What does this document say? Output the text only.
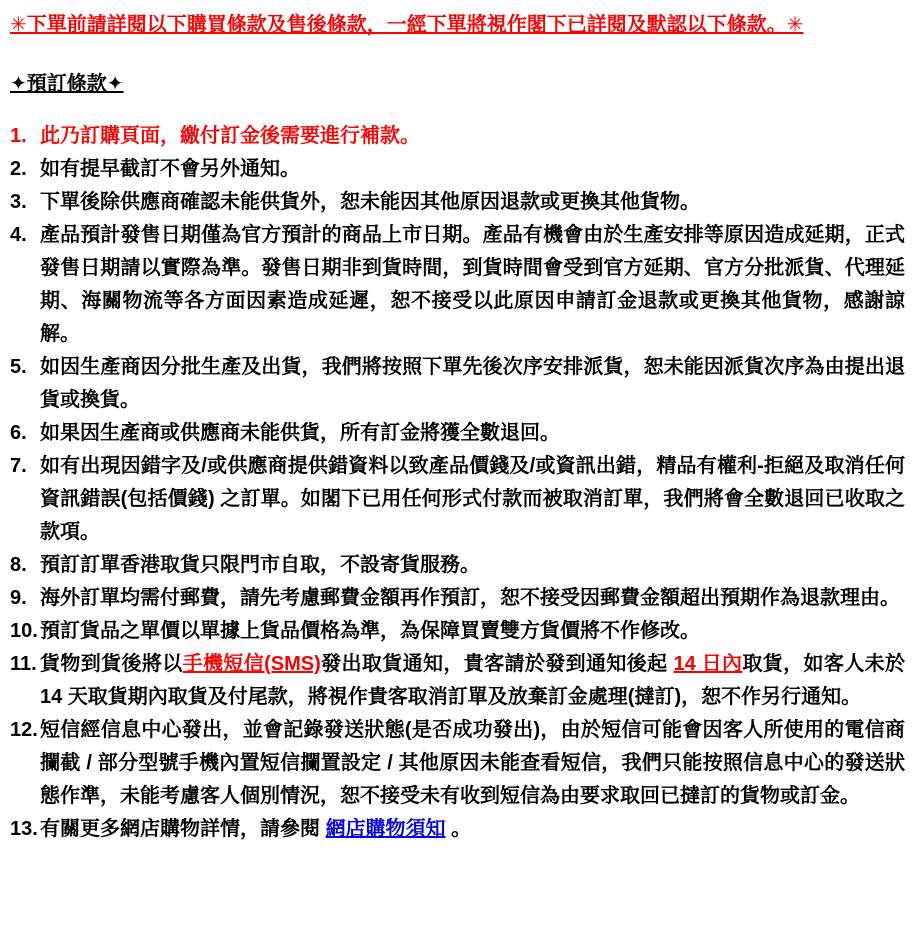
✳下單前請詳閱以下購買條款及售後條款，一經下單將視作閣下已詳閱及默認以下條款。✳
✦預訂條款✦
1. 此乃訂購頁面，繳付訂金後需要進行補款。
2. 如有提早截訂不會另外通知。
3. 下單後除供應商確認未能供貨外，恕未能因其他原因退款或更換其他貨物。
4. 產品預計發售日期僅為官方預計的商品上市日期。產品有機會由於生產安排等原因造成延期，正式發售日期請以實際為準。發售日期非到貨時間，到貨時間會受到官方延期、官方分批派貨、代理延期、海關物流等各方面因素造成延遲，恕不接受以此原因申請訂金退款或更換其他貨物，感謝諒解。
5. 如因生產商因分批生產及出貨，我們將按照下單先後次序安排派貨，恕未能因派貨次序為由提出退貨或換貨。
6. 如果因生產商或供應商未能供貨，所有訂金將獲全數退回。
7. 如有出現因錯字及/或供應商提供錯資料以致產品價錢及/或資訊出錯，精品有權利-拒絕及取消任何資訊錯誤(包括價錢) 之訂單。如閣下已用任何形式付款而被取消訂單，我們將會全數退回已收取之款項。
8. 預訂訂單香港取貨只限門市自取，不設寄貨服務。
9. 海外訂單均需付郵費，請先考慮郵費金額再作預訂，恕不接受因郵費金額超出預期作為退款理由。
10. 預訂貨品之單價以單據上貨品價格為準，為保障買賣雙方貨價將不作修改。
11. 貨物到貨後將以手機短信(SMS)發出取貨通知，貴客請於發到通知後起 14 日內取貨，如客人未於14 天取貨期內取貨及付尾款，將視作貴客取消訂單及放棄訂金處理(撻訂)，恕不作另行通知。
12. 短信經信息中心發出，並會記錄發送狀態(是否成功發出)，由於短信可能會因客人所使用的電信商攔截 / 部分型號手機內置短信攔置設定 / 其他原因未能查看短信，我們只能按照信息中心的發送狀態作準，未能考慮客人個別情況，恕不接受未有收到短信為由要求取回已撻訂的貨物或訂金。
13. 有關更多網店購物詳情，請參閱 網店購物須知 。
